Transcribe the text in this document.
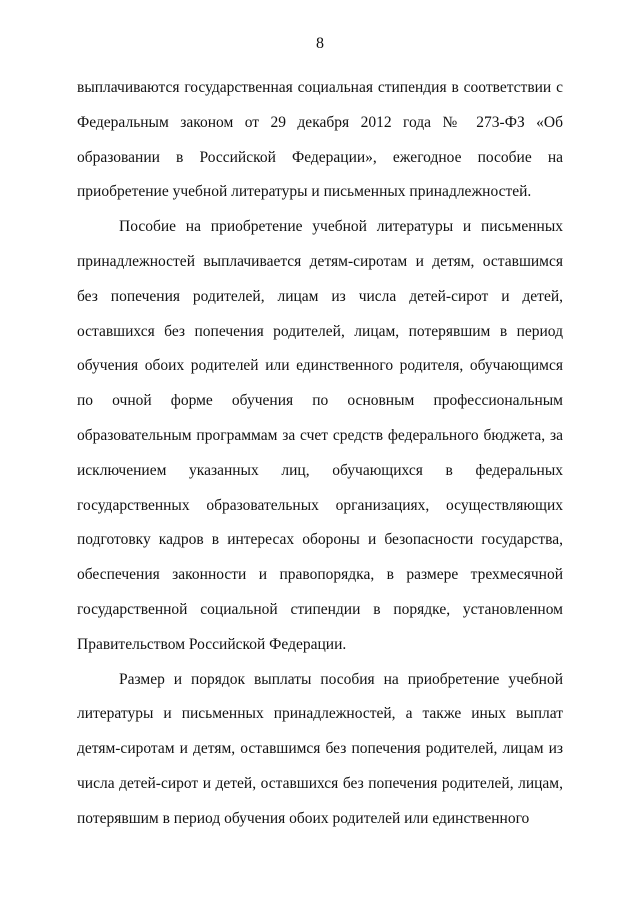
8

выплачиваются государственная социальная стипендия в соответствии с Федеральным законом от 29 декабря 2012 года № 273-ФЗ «Об образовании в Российской Федерации», ежегодное пособие на приобретение учебной литературы и письменных принадлежностей.

Пособие на приобретение учебной литературы и письменных принадлежностей выплачивается детям-сиротам и детям, оставшимся без попечения родителей, лицам из числа детей-сирот и детей, оставшихся без попечения родителей, лицам, потерявшим в период обучения обоих родителей или единственного родителя, обучающимся по очной форме обучения по основным профессиональным образовательным программам за счет средств федерального бюджета, за исключением указанных лиц, обучающихся в федеральных государственных образовательных организациях, осуществляющих подготовку кадров в интересах обороны и безопасности государства, обеспечения законности и правопорядка, в размере трехмесячной государственной социальной стипендии в порядке, установленном Правительством Российской Федерации.

Размер и порядок выплаты пособия на приобретение учебной литературы и письменных принадлежностей, а также иных выплат детям-сиротам и детям, оставшимся без попечения родителей, лицам из числа детей-сирот и детей, оставшихся без попечения родителей, лицам, потерявшим в период обучения обоих родителей или единственного
